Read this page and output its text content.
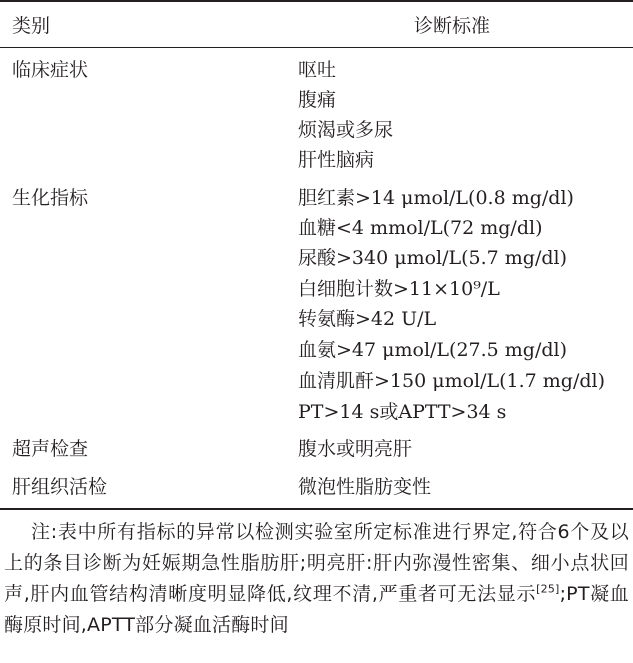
类别	诊断标准
临床症状	呕吐
腹痛
烦渴或多尿
肝性脑病
生化指标	胆红素>14 μmol/L(0.8 mg/dl)
血糖<4 mmol/L(72 mg/dl)
尿酸>340 μmol/L(5.7 mg/dl)
白细胞计数>11×10⁹/L
转氨酶>42 U/L
血氨>47 μmol/L(27.5 mg/dl)
血清肌酐>150 μmol/L(1.7 mg/dl)
PT>14 s或APTT>34 s
超声检查	腹水或明亮肝
肝组织活检	微泡性脂肪变性
注:表中所有指标的异常以检测实验室所定标准进行界定,符合6个及以上的条目诊断为妊娠期急性脂肪肝;明亮肝:肝内弥漫性密集、细小点状回声,肝内血管结构清晰度明显降低,纹理不清,严重者可无法显示[25];PT凝血酶原时间,APTT部分凝血活酶时间
